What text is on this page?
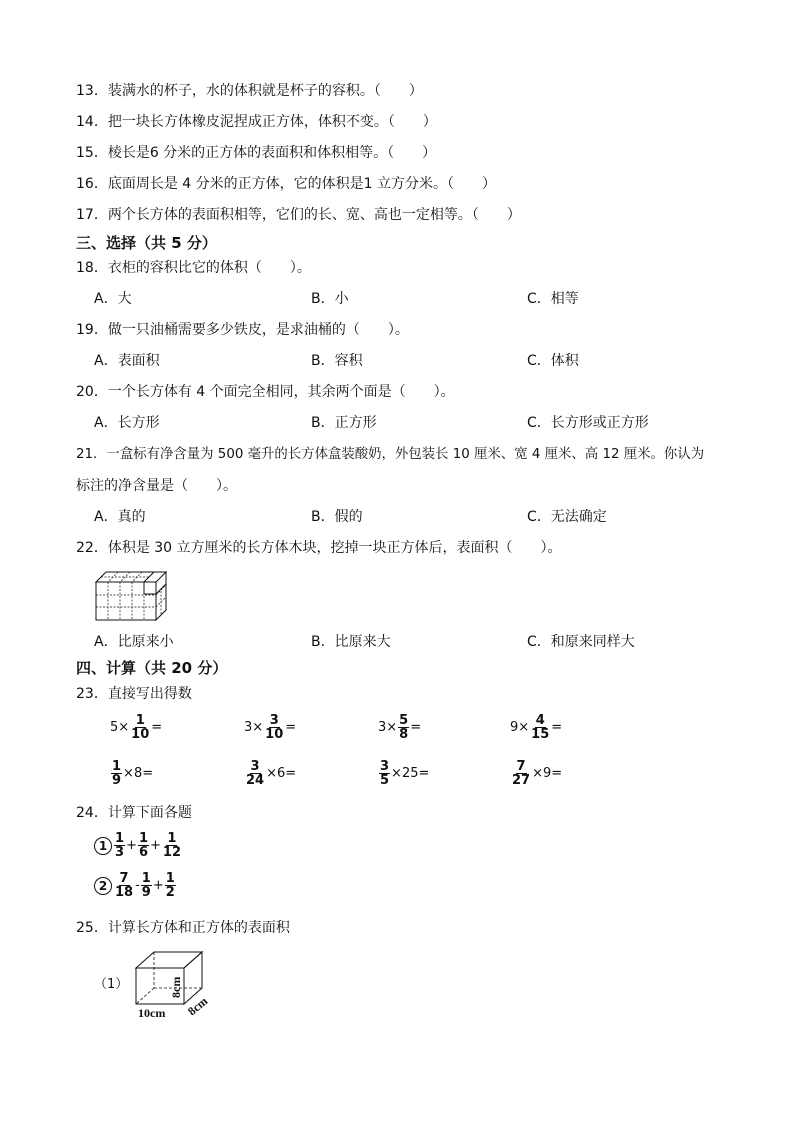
13．装满水的杯子，水的体积就是杯子的容积。（　　）
14．把一块长方体橡皮泥捏成正方体，体积不变。（　　）
15．棱长是6 分米的正方体的表面积和体积相等。（　　）
16．底面周长是 4 分米的正方体，它的体积是1 立方分米。（　　）
17．两个长方体的表面积相等，它们的长、宽、高也一定相等。（　　）
三、选择（共 5 分）
18．衣柜的容积比它的体积（　　）。
A．大	B．小	C．相等
19．做一只油桶需要多少铁皮，是求油桶的（　　）。
A．表面积	B．容积	C．体积
20．一个长方体有 4 个面完全相同，其余两个面是（　　）。
A．长方形	B．正方形	C．长方形或正方形
21．一盒标有净含量为 500 毫升的长方体盒装酸奶，外包装长 10 厘米、宽 4 厘米、高 12 厘米。你认为
标注的净含量是（　　）。
A．真的	B．假的	C．无法确定
22．体积是 30 立方厘米的长方体木块，挖掉一块正方体后，表面积（　　）。
A．比原来小	B．比原来大	C．和原来同样大
四、计算（共 20 分）
23．直接写出得数
$5\times \frac{1}{10}$ =	$3\times \frac{3}{10}$ =	$3\times \frac{5}{8}$ =	$9\times \frac{4}{15}$ =
$\frac{1}{9} \times 8=$	$\frac{3}{24} \times 6=$	$\frac{3}{5} \times 25=$	$\frac{7}{27} \times 9=$
24．计算下面各题
$1 \frac{1}{3} + \frac{1}{6} + \frac{1}{12}$
$2 \frac{7}{18} - \frac{1}{9} + \frac{1}{2}$
25．计算长方体和正方体的表面积
（1）
10cm
8cm
8cm
